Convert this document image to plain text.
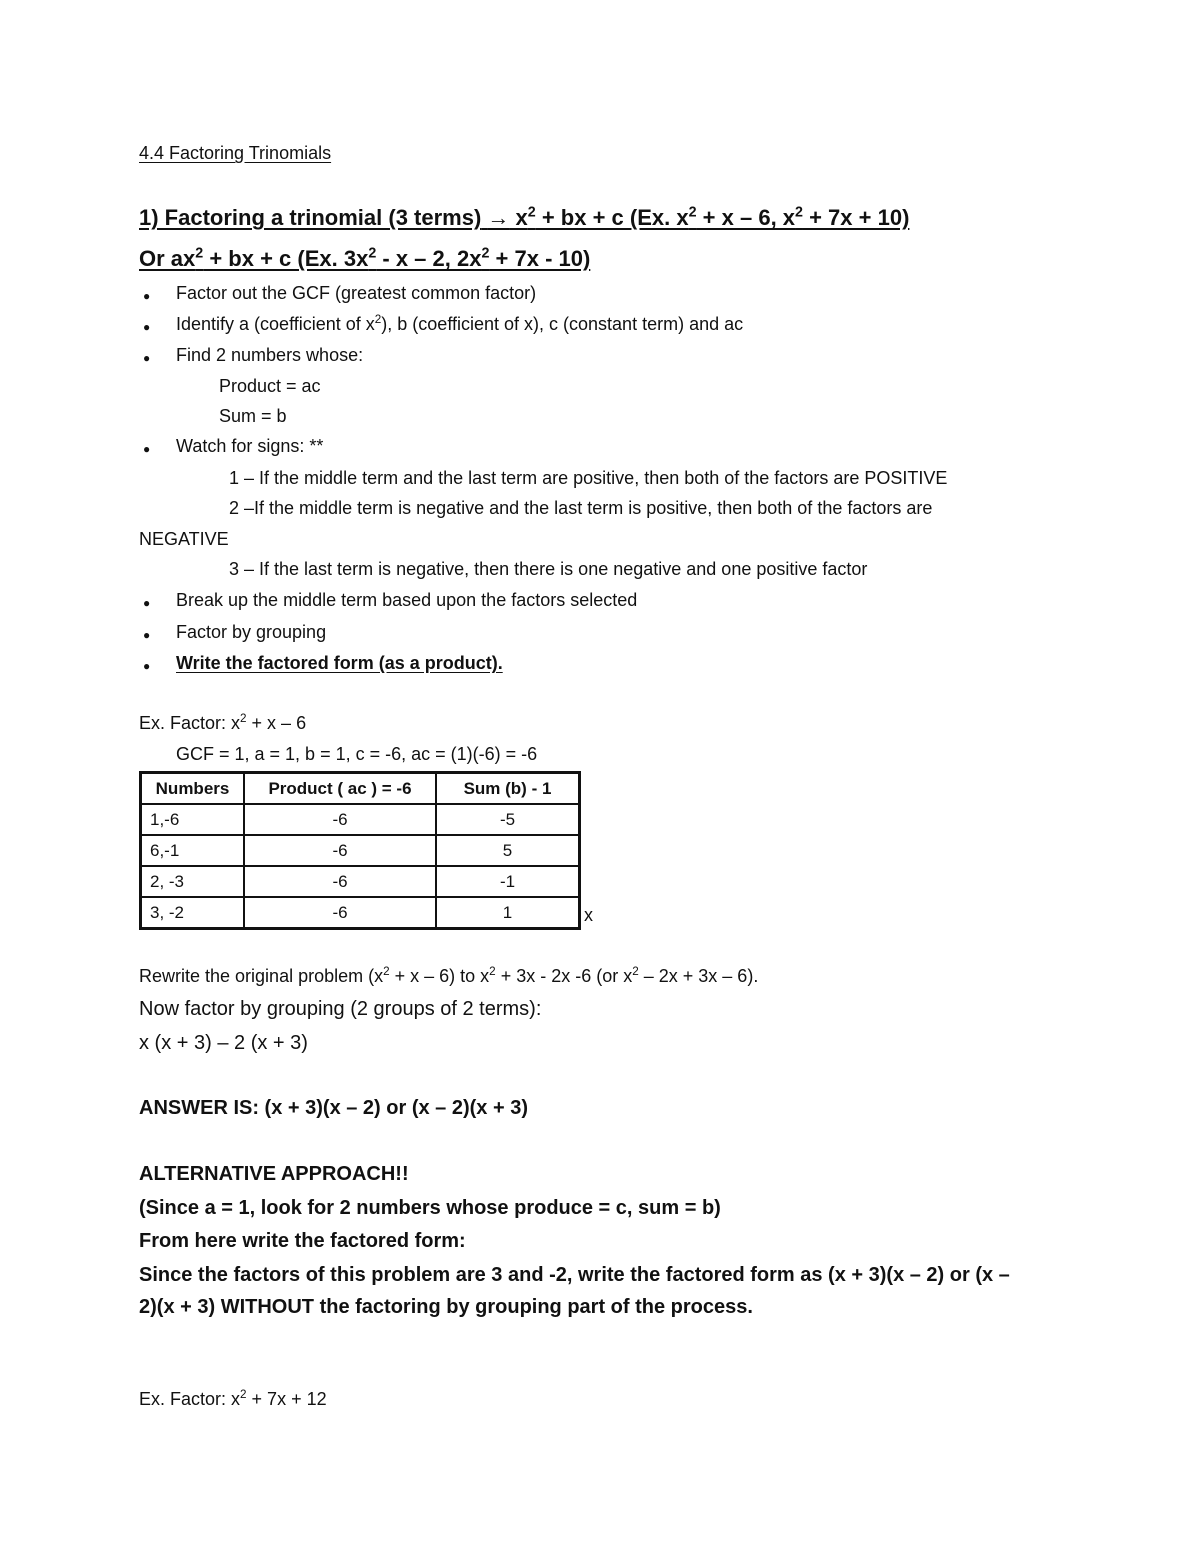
4.4 Factoring Trinomials
1) Factoring a trinomial (3 terms) → $x^2$ + bx + c (Ex. $x^2 + x - 6$, $x^2 + 7x + 10$)
Or $ax^2$ + bx + c (Ex. $3x^2$ - x – 2, $2x^2 + 7x - 10$)
● Factor out the GCF (greatest common factor)
● Identify a (coefficient of $x^2$), b (coefficient of x), c (constant term) and ac
● Find 2 numbers whose:
Product = ac
Sum = b
● Watch for signs: **
1 – If the middle term and the last term are positive, then both of the factors are POSITIVE
2 –If the middle term is negative and the last term is positive, then both of the factors are
NEGATIVE
3 – If the last term is negative, then there is one negative and one positive factor
● Break up the middle term based upon the factors selected
● Factor by grouping
● Write the factored form (as a product).
Ex. Factor: $x^2 + x - 6$
GCF = 1, a = 1, b = 1, c = -6, ac = (1)(-6) = -6
Numbers	Product ( ac ) = -6	Sum (b) - 1
1,-6	-6	-5
6,-1	-6	5
2, -3	-6	-1
3, -2	-6	1	x
Rewrite the original problem $(x^2 + x - 6)$ to $x^2 + 3x - 2x$ -6 (or $x^2 - 2x + 3x - 6$).
Now factor by grouping (2 groups of 2 terms):
x (x + 3) – 2 (x + 3)
ANSWER IS: (x + 3)(x – 2) or (x – 2)(x + 3)
ALTERNATIVE APPROACH!!
(Since a = 1, look for 2 numbers whose produce = c, sum = b)
From here write the factored form:
Since the factors of this problem are 3 and -2, write the factored form as (x + 3)(x – 2) or (x –
2)(x + 3) WITHOUT the factoring by grouping part of the process.
Ex. Factor: $x^2 + 7x + 12$
